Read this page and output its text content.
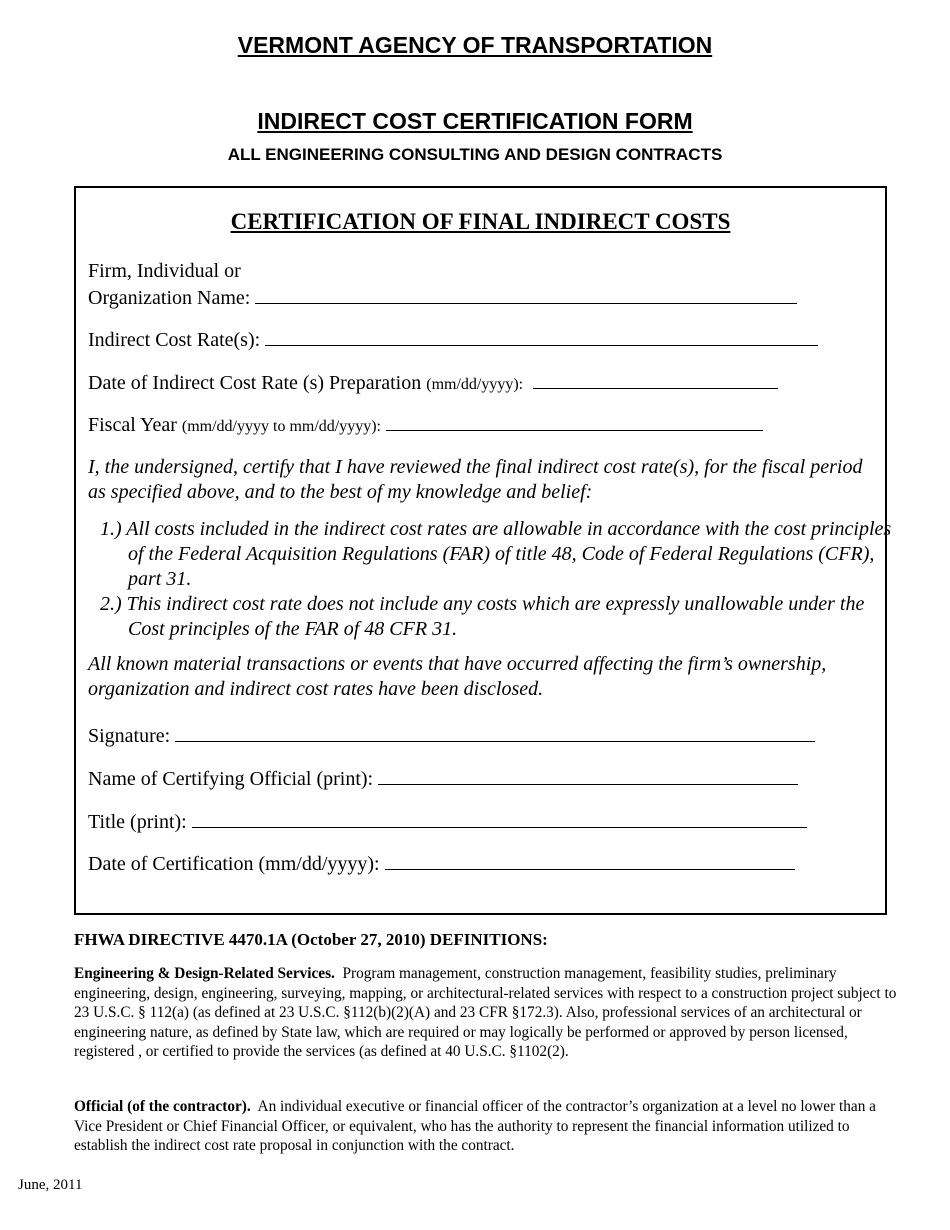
VERMONT AGENCY OF TRANSPORTATION
INDIRECT COST CERTIFICATION FORM
ALL ENGINEERING CONSULTING AND DESIGN CONTRACTS
CERTIFICATION OF FINAL INDIRECT COSTS
Firm, Individual or
Organization Name:
Indirect Cost Rate(s):
Date of Indirect Cost Rate (s) Preparation (mm/dd/yyyy):
Fiscal Year (mm/dd/yyyy to mm/dd/yyyy):
I, the undersigned, certify that I have reviewed the final indirect cost rate(s), for the fiscal period as specified above, and to the best of my knowledge and belief:
1.) All costs included in the indirect cost rates are allowable in accordance with the cost principles of the Federal Acquisition Regulations (FAR) of title 48, Code of Federal Regulations (CFR), part 31.
2.) This indirect cost rate does not include any costs which are expressly unallowable under the Cost principles of the FAR of 48 CFR 31.
All known material transactions or events that have occurred affecting the firm’s ownership, organization and indirect cost rates have been disclosed.
Signature:
Name of Certifying Official (print):
Title (print):
Date of Certification (mm/dd/yyyy):
FHWA DIRECTIVE 4470.1A (October 27, 2010) DEFINITIONS:
Engineering & Design-Related Services. Program management, construction management, feasibility studies, preliminary engineering, design, engineering, surveying, mapping, or architectural-related services with respect to a construction project subject to 23 U.S.C. § 112(a) (as defined at 23 U.S.C. §112(b)(2)(A) and 23 CFR §172.3). Also, professional services of an architectural or engineering nature, as defined by State law, which are required or may logically be performed or approved by person licensed, registered , or certified to provide the services (as defined at 40 U.S.C. §1102(2).
Official (of the contractor). An individual executive or financial officer of the contractor’s organization at a level no lower than a Vice President or Chief Financial Officer, or equivalent, who has the authority to represent the financial information utilized to establish the indirect cost rate proposal in conjunction with the contract.
June, 2011
